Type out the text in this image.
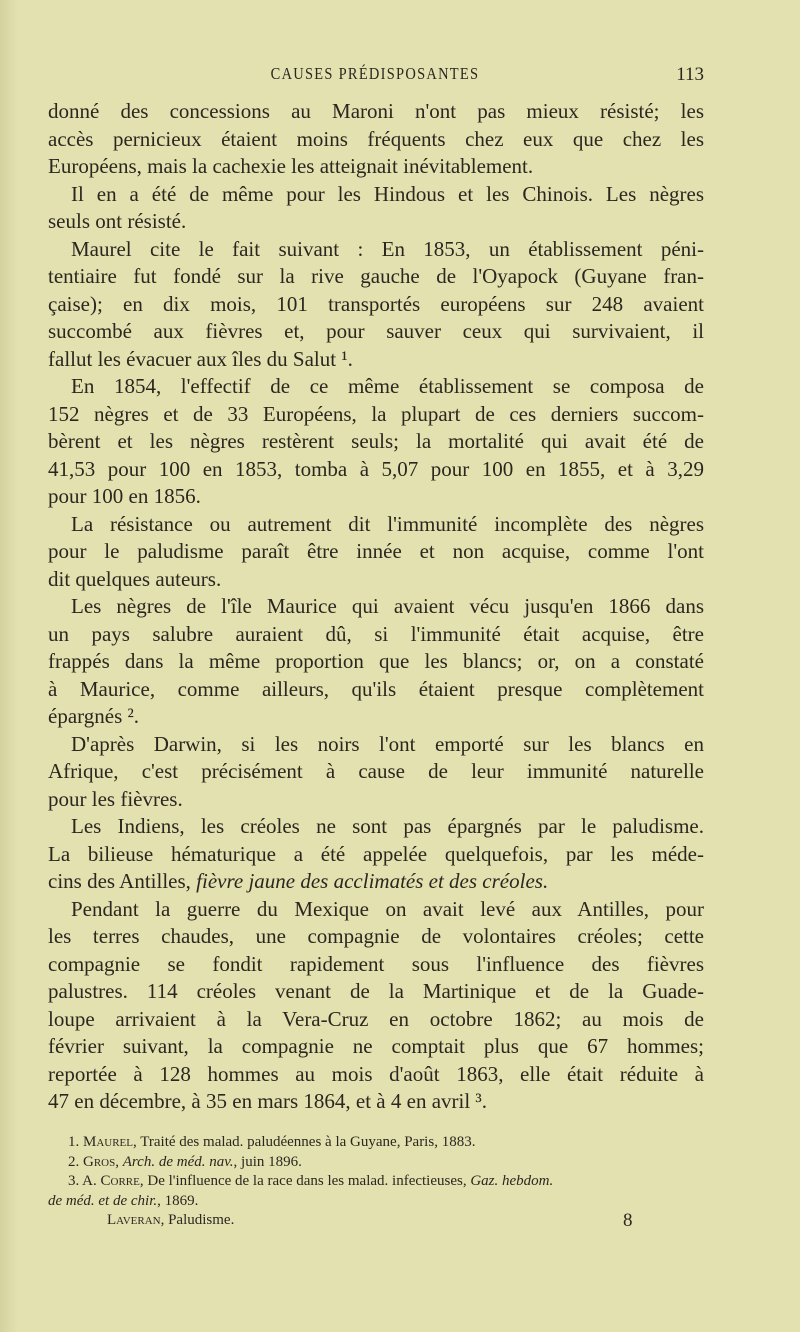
CAUSES PRÉDISPOSANTES	113
donné des concessions au Maroni n'ont pas mieux résisté; les
accès pernicieux étaient moins fréquents chez eux que chez les
Européens, mais la cachexie les atteignait inévitablement.
Il en a été de même pour les Hindous et les Chinois. Les nègres
seuls ont résisté.
Maurel cite le fait suivant : En 1853, un établissement péni-
tentiaire fut fondé sur la rive gauche de l'Oyapock (Guyane fran-
çaise); en dix mois, 101 transportés européens sur 248 avaient
succombé aux fièvres et, pour sauver ceux qui survivaient, il
fallut les évacuer aux îles du Salut ¹.
En 1854, l'effectif de ce même établissement se composa de
152 nègres et de 33 Européens, la plupart de ces derniers succom-
bèrent et les nègres restèrent seuls; la mortalité qui avait été de
41,53 pour 100 en 1853, tomba à 5,07 pour 100 en 1855, et à 3,29
pour 100 en 1856.
La résistance ou autrement dit l'immunité incomplète des nègres
pour le paludisme paraît être innée et non acquise, comme l'ont
dit quelques auteurs.
Les nègres de l'île Maurice qui avaient vécu jusqu'en 1866 dans
un pays salubre auraient dû, si l'immunité était acquise, être
frappés dans la même proportion que les blancs; or, on a constaté
à Maurice, comme ailleurs, qu'ils étaient presque complètement
épargnés ².
D'après Darwin, si les noirs l'ont emporté sur les blancs en
Afrique, c'est précisément à cause de leur immunité naturelle
pour les fièvres.
Les Indiens, les créoles ne sont pas épargnés par le paludisme.
La bilieuse hématurique a été appelée quelquefois, par les méde-
cins des Antilles, fièvre jaune des acclimatés et des créoles.
Pendant la guerre du Mexique on avait levé aux Antilles, pour
les terres chaudes, une compagnie de volontaires créoles; cette
compagnie se fondit rapidement sous l'influence des fièvres
palustres. 114 créoles venant de la Martinique et de la Guade-
loupe arrivaient à la Vera-Cruz en octobre 1862; au mois de
février suivant, la compagnie ne comptait plus que 67 hommes;
reportée à 128 hommes au mois d'août 1863, elle était réduite à
47 en décembre, à 35 en mars 1864, et à 4 en avril ³.
1. Maurel, Traité des malad. paludéennes à la Guyane, Paris, 1883.
2. Gros, Arch. de méd. nav., juin 1896.
3. A. Corre, De l'influence de la race dans les malad. infectieuses, Gaz. hebdom.
de méd. et de chir., 1869.
Laveran, Paludisme.	8
